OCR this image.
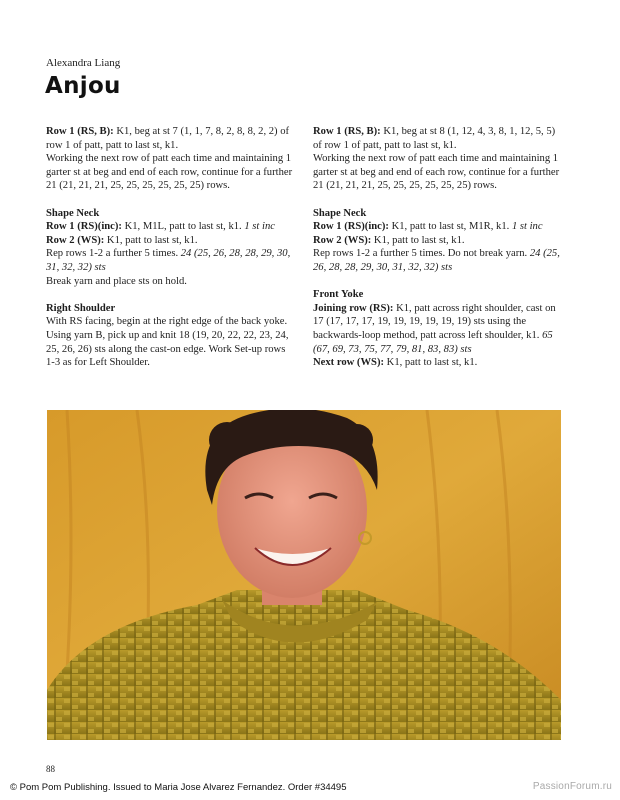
Alexandra Liang
Anjou

Row 1 (RS, B): K1, beg at st 7 (1, 1, 7, 8, 2, 8, 8, 2, 2) of row 1 of patt, patt to last st, k1.
Working the next row of patt each time and maintaining 1 garter st at beg and end of each row, continue for a further 21 (21, 21, 21, 25, 25, 25, 25, 25, 25) rows.

Shape Neck
Row 1 (RS)(inc): K1, M1L, patt to last st, k1. 1 st inc
Row 2 (WS): K1, patt to last st, k1.
Rep rows 1-2 a further 5 times. 24 (25, 26, 28, 28, 29, 30, 31, 32, 32) sts
Break yarn and place sts on hold.

Right Shoulder
With RS facing, begin at the right edge of the back yoke. Using yarn B, pick up and knit 18 (19, 20, 22, 22, 23, 24, 25, 26, 26) sts along the cast-on edge. Work Set-up rows 1-3 as for Left Shoulder.

Row 1 (RS, B): K1, beg at st 8 (1, 12, 4, 3, 8, 1, 12, 5, 5) of row 1 of patt, patt to last st, k1.
Working the next row of patt each time and maintaining 1 garter st at beg and end of each row, continue for a further 21 (21, 21, 21, 25, 25, 25, 25, 25, 25) rows.

Shape Neck
Row 1 (RS)(inc): K1, patt to last st, M1R, k1. 1 st inc
Row 2 (WS): K1, patt to last st, k1.
Rep rows 1-2 a further 5 times. Do not break yarn. 24 (25, 26, 28, 28, 29, 30, 31, 32, 32) sts

Front Yoke
Joining row (RS): K1, patt across right shoulder, cast on 17 (17, 17, 17, 19, 19, 19, 19, 19, 19) sts using the backwards-loop method, patt across left shoulder, k1. 65 (67, 69, 73, 75, 77, 79, 81, 83, 83) sts
Next row (WS): K1, patt to last st, k1.

88
© Pom Pom Publishing. Issued to Maria Jose Alvarez Fernandez. Order #34495	PassionForum.ru
